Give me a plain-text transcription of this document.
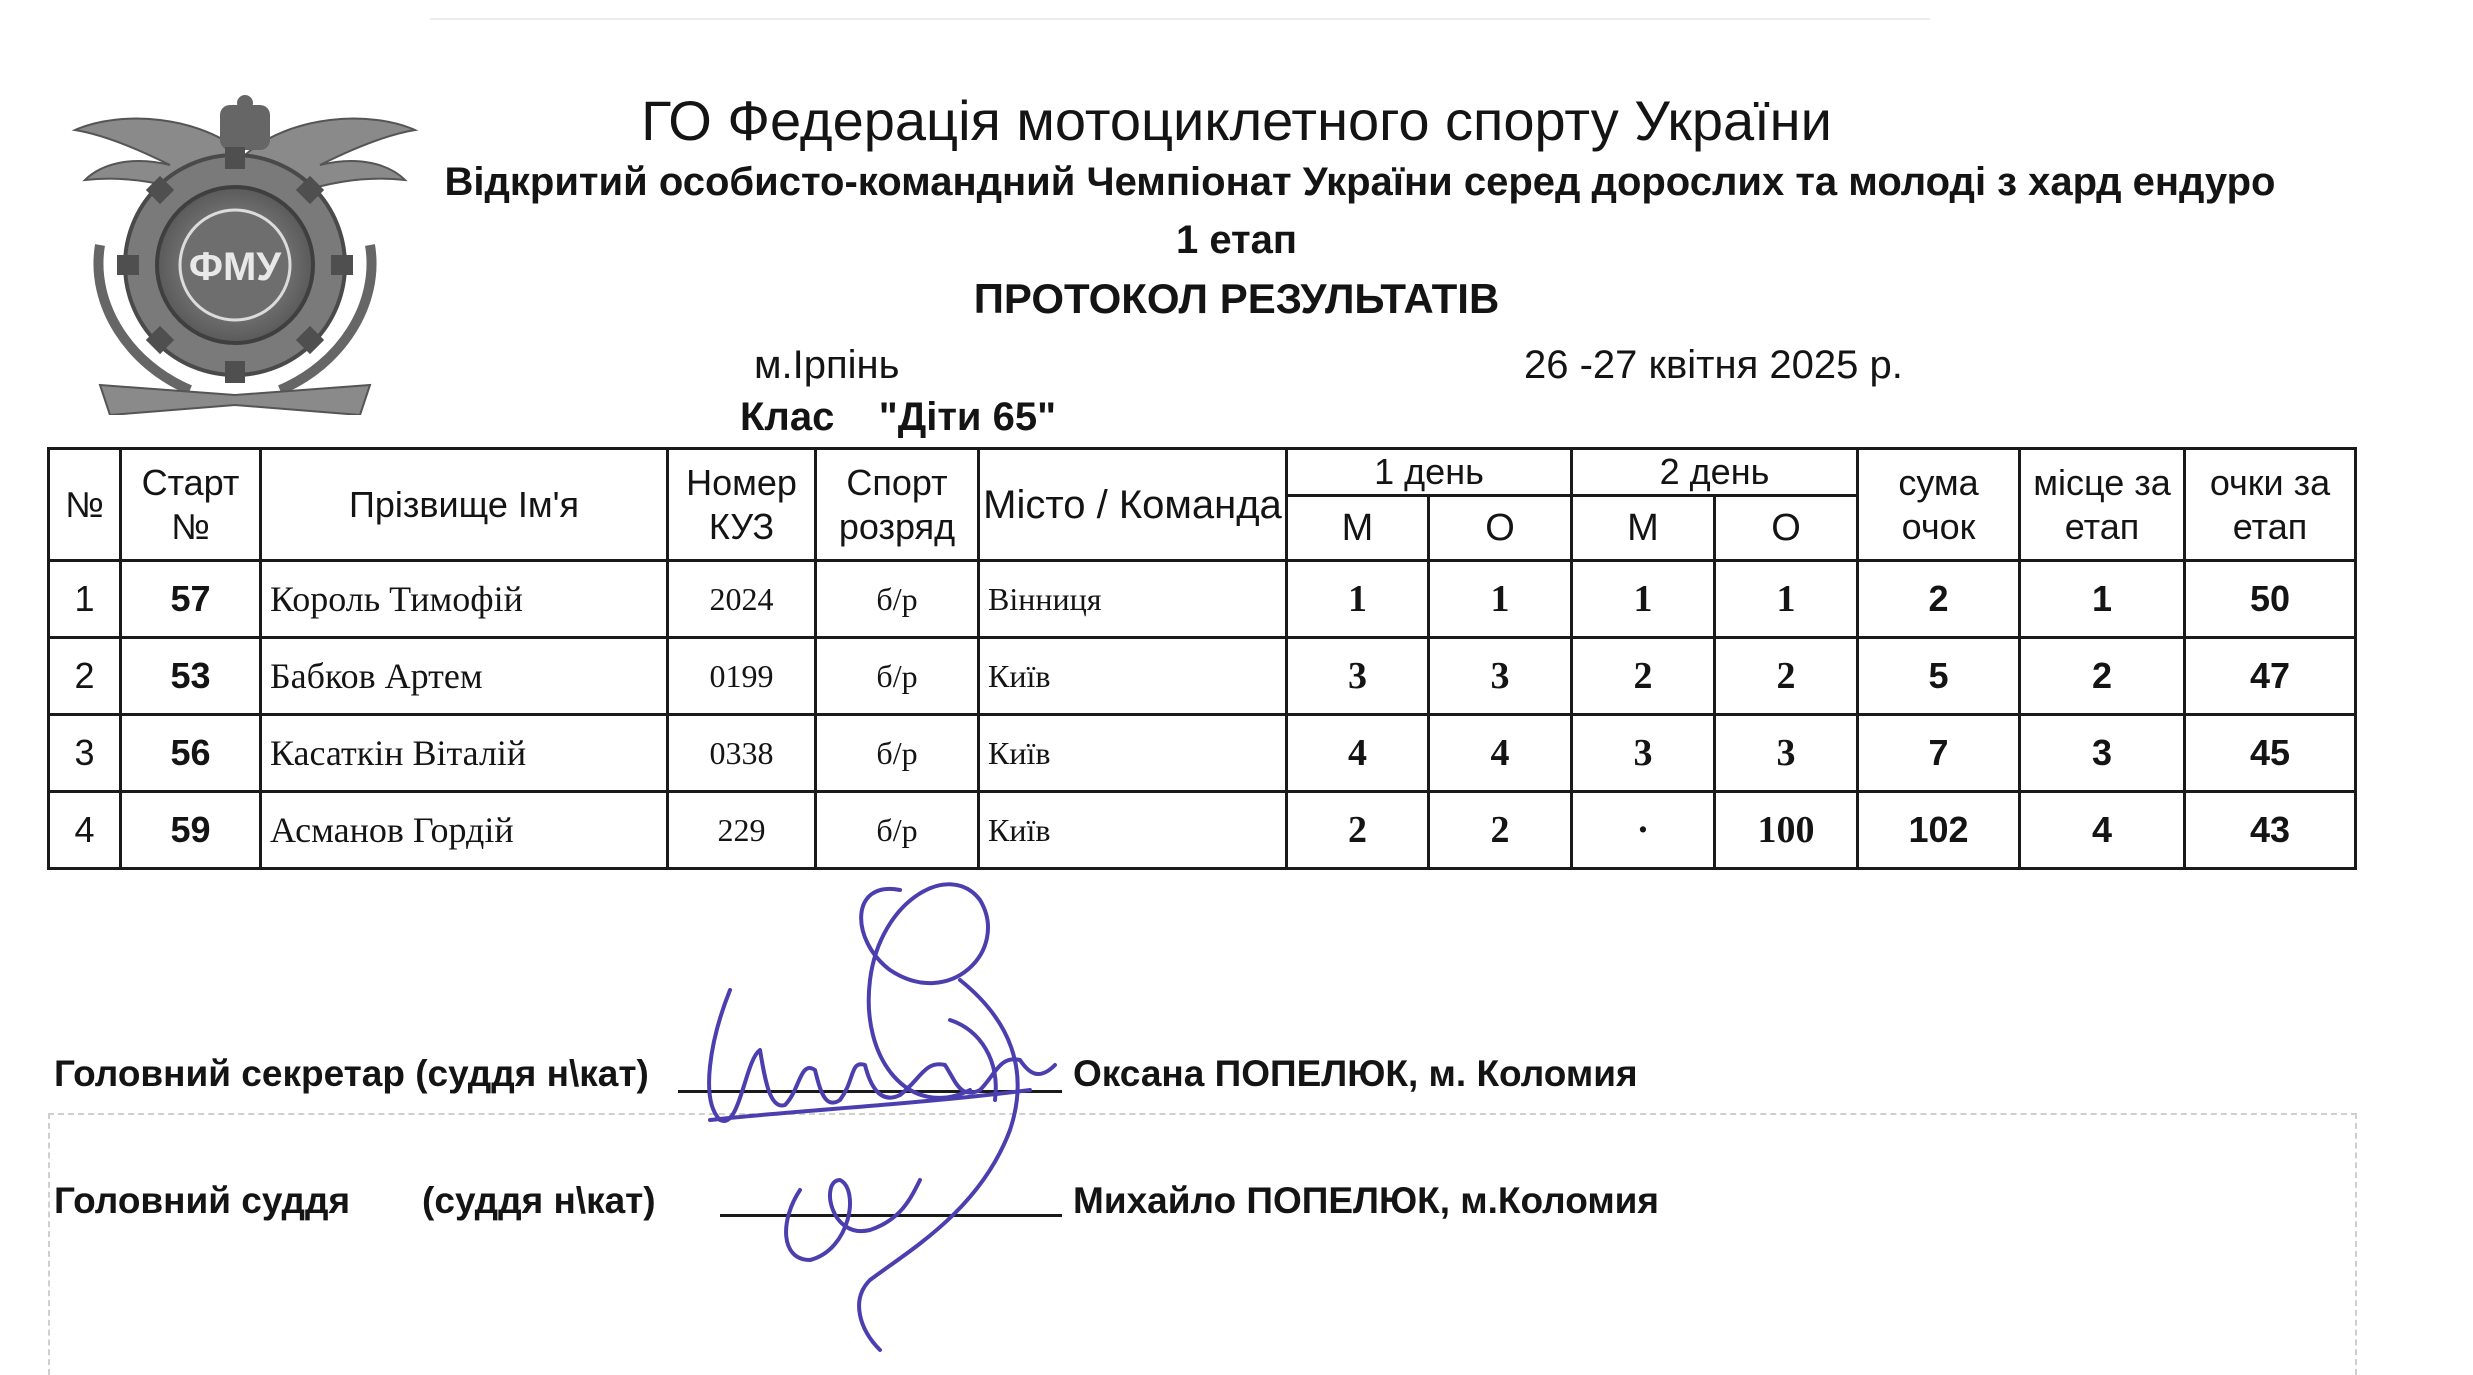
ФМУ
ГО Федерація мотоциклетного спорту України
Відкритий особисто-командний Чемпіонат України серед дорослих та молоді з хард ендуро
1 етап
ПРОТОКОЛ РЕЗУЛЬТАТІВ
м.Ірпінь	26 -27 квітня 2025 р.
Клас    "Діти 65"
№	Старт №	Прізвище Ім'я	Номер КУЗ	Спорт розряд	Місто / Команда	1 день		2 день		сума очок	місце за етап	очки за етап
						М	О	М	О			
1	57	Король Тимофій	2024	б/р	Вінниця	1	1	1	1	2	1	50
2	53	Бабков Артем	0199	б/р	Київ	3	3	2	2	5	2	47
3	56	Касаткін Віталій	0338	б/р	Київ	4	4	3	3	7	3	45
4	59	Асманов Гордій	229	б/р	Київ	2	2	·	100	102	4	43
Головний секретар (суддя н\кат)	Оксана ПОПЕЛЮК, м. Коломия
Головний суддя       (суддя н\кат)	Михайло ПОПЕЛЮК, м.Коломия
